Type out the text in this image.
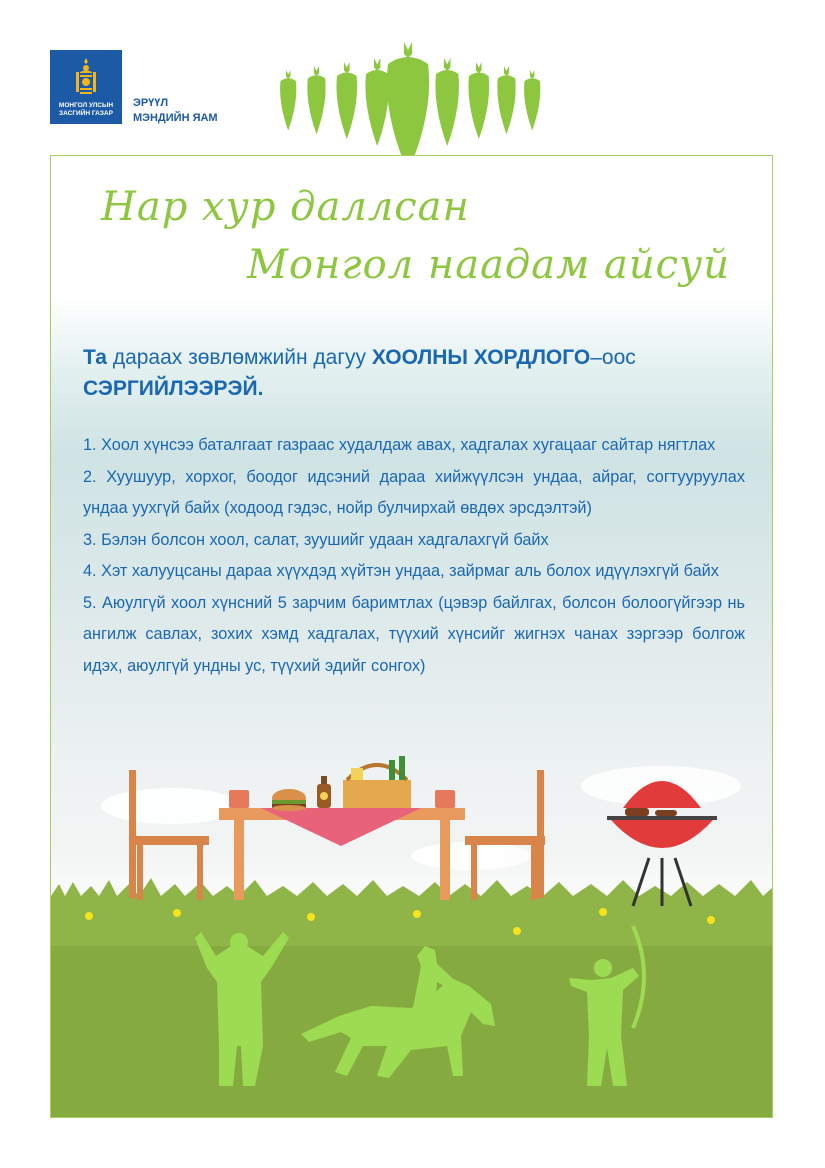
МОНГОЛ УЛСЫН
ЗАСГИЙН ГАЗАР
ЭРҮҮЛ
МЭНДИЙН ЯАМ
Нар хур даллсан
Монгол наадам айсуй
Та дараах зөвлөмжийн дагуу ХООЛНЫ ХОРДЛОГО–оос
СЭРГИЙЛЭЭРЭЙ.
1. Хоол хүнсээ баталгаат газраас худалдаж авах, хадгалах хугацааг сайтар нягтлах
2. Хуушуур, хорхог, боодог идсэний дараа хийжүүлсэн ундаа, айраг, согтууруулах ундаа уухгүй байх (ходоод гэдэс, нойр булчирхай өвдөх эрсдэлтэй)
3. Бэлэн болсон хоол, салат, зуушийг удаан хадгалахгүй байх
4. Хэт халууцсаны дараа хүүхдэд хүйтэн ундаа, зайрмаг аль болох идүүлэхгүй байх
5. Аюулгүй хоол хүнсний 5 зарчим баримтлах (цэвэр байлгах, болсон болоогүйгээр нь ангилж савлах, зохих хэмд хадгалах, түүхий хүнсийг жигнэх чанах зэргээр болгож идэх, аюулгүй ундны ус, түүхий эдийг сонгох)
